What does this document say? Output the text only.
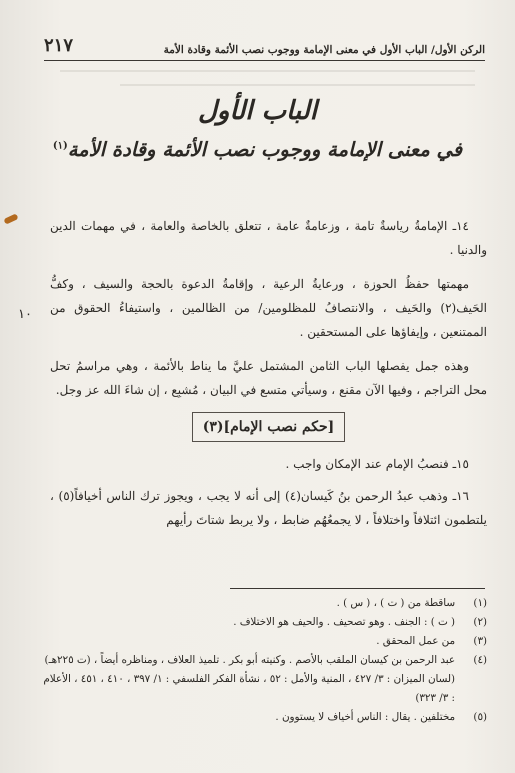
الركن الأول/ الباب الأول في معنى الإمامة ووجوب نصب الأئمة وقادة الأمة
٢١٧
الباب الأول
في معنى الإمامة ووجوب نصب الأئمة وقادة الأمة$^{(١)}$
١٠

١٤ـ الإمامةُ رياسةٌ تامة ، وزعامةٌ عامة ، تتعلق بالخاصة والعامة ، في مهمات الدين والدنيا .

مهمتها حفظُ الحوزة ، ورعايةُ الرعية ، وإقامةُ الدعوة بالحجة والسيف ، وكفُّ الحَيف(٢) والحَيف ، والانتصافُ للمظلومين/ من الظالمين ، واستيفاءُ الحقوق من الممتنعين ، وإيفاؤها على المستحقين .

وهذه جمل يفصلها الباب الثامن المشتمل عليَّ ما يناط بالأئمة ، وهي مراسمُ تحل محل التراجم ، وفيها الآن مقنع ، وسيأتي متسع في البيان ، مُشبِع ، إن شاءَ الله عز وجل.

[حكم نصب الإمام](٣)

١٥ـ فنصبُ الإمام عند الإمكان واجب .

١٦ـ وذهب عبدُ الرحمن بنُ كَيسان(٤) إلى أنه لا يجب ، ويجوز ترك الناس أخيافاً(٥) ، يلتطمون ائتلافاً واختلافاً ، لا يجمعُهُم ضابط ، ولا يربط شتاتَ رأيهم

(١)
ساقطة من ( ت ) ، ( س ) .
(٢)
( ت ) : الجنف . وهو تصحيف . والحيف هو الاختلاف .
(٣)
من عمل المحقق .
(٤)
عبد الرحمن بن كيسان الملقب بالأصم . وكنيته أبو بكر . تلميذ العلاف ، ومناظره أيضاً ، (ت ٢٢٥هـ) (لسان الميزان : ٣/ ٤٢٧ ، المنية والأمل : ٥٢ ، نشأة الفكر الفلسفي : ١/ ٣٩٧ ، ٤١٠ ، ٤٥١ ، الأعلام : ٣/ ٣٢٣)
(٥)
مختلفين . يقال : الناس أخياف لا يستوون .
